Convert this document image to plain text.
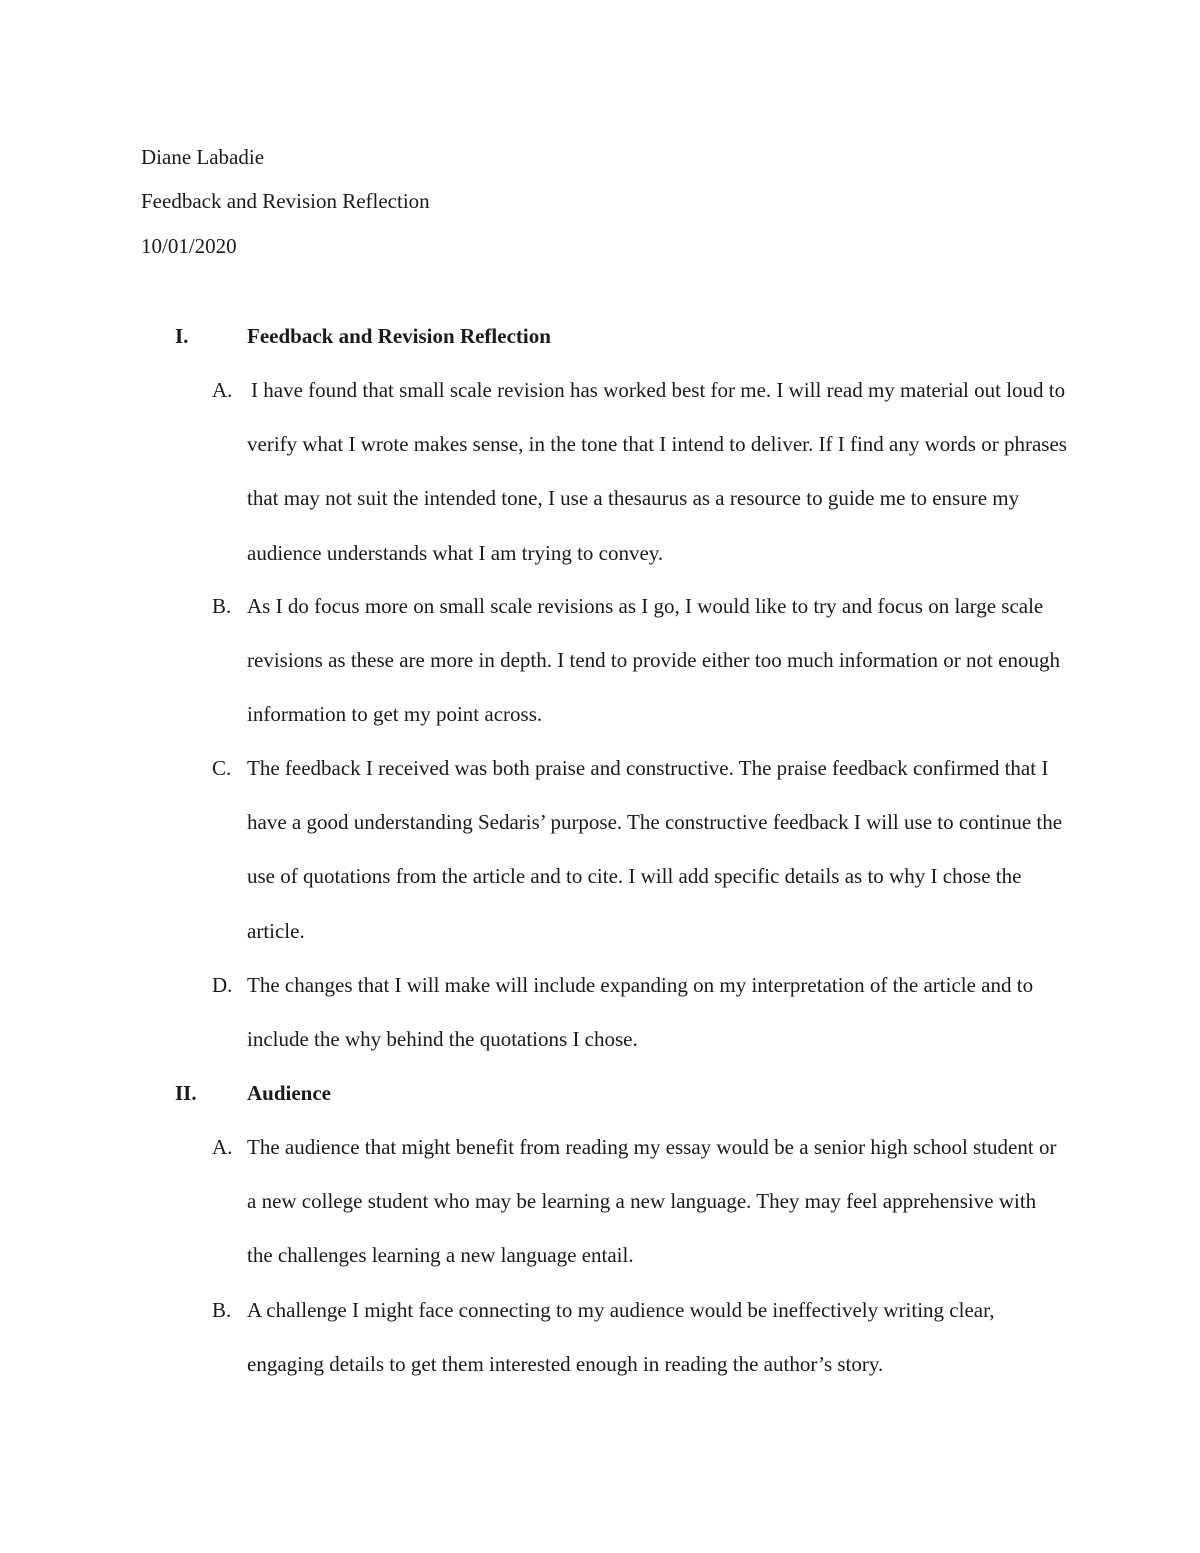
Diane Labadie
Feedback and Revision Reflection
10/01/2020
I.	Feedback and Revision Reflection
A. I have found that small scale revision has worked best for me. I will read my material out loud to verify what I wrote makes sense, in the tone that I intend to deliver. If I find any words or phrases that may not suit the intended tone, I use a thesaurus as a resource to guide me to ensure my audience understands what I am trying to convey.

B. As I do focus more on small scale revisions as I go, I would like to try and focus on large scale revisions as these are more in depth. I tend to provide either too much information or not enough information to get my point across.

C. The feedback I received was both praise and constructive. The praise feedback confirmed that I have a good understanding Sedaris’ purpose. The constructive feedback I will use to continue the use of quotations from the article and to cite. I will add specific details as to why I chose the article.

D. The changes that I will make will include expanding on my interpretation of the article and to include the why behind the quotations I chose.

II. Audience
A. The audience that might benefit from reading my essay would be a senior high school student or a new college student who may be learning a new language. They may feel apprehensive with the challenges learning a new language entail.

B. A challenge I might face connecting to my audience would be ineffectively writing clear, engaging details to get them interested enough in reading the author’s story.
